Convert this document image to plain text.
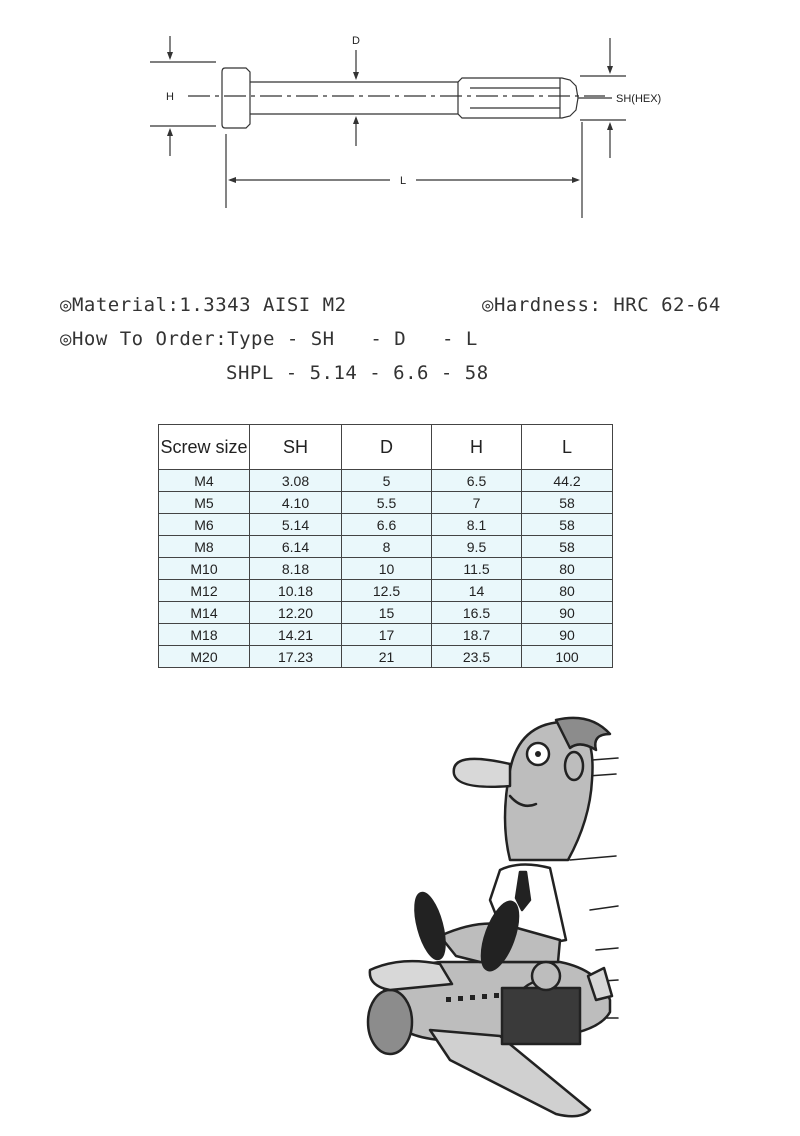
D
H	SH(HEX)
L
◎Material:1.3343 AISI M2	◎Hardness: HRC 62-64
◎How To Order:Type - SH   - D   - L
SHPL - 5.14 - 6.6 - 58
Screw size	SH	D	H	L
M4	3.08	5	6.5	44.2
M5	4.10	5.5	7	58
M6	5.14	6.6	8.1	58
M8	6.14	8	9.5	58
M10	8.18	10	11.5	80
M12	10.18	12.5	14	80
M14	12.20	15	16.5	90
M18	14.21	17	18.7	90
M20	17.23	21	23.5	100
